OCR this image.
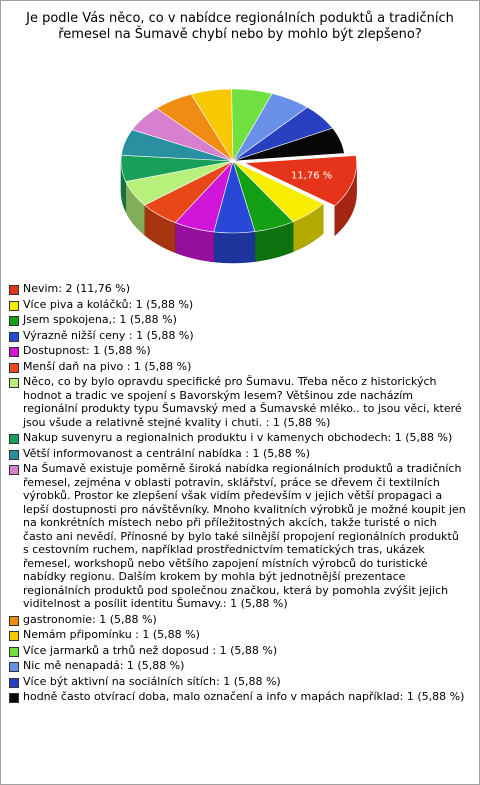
Je podle Vás něco, co v nabídce regionálních poduktů a tradičních řemesel na Šumavě chybí nebo by mohlo být zlepšeno?
11,76 %
Nevim: 2 (11,76 %)
Více piva a koláčků: 1 (5,88 %)
Jsem spokojena,: 1 (5,88 %)
Výrazně nižší ceny : 1 (5,88 %)
Dostupnost: 1 (5,88 %)
Menší daň na pivo : 1 (5,88 %)
Něco, co by bylo opravdu specifické pro Šumavu. Třeba něco z historických hodnot a tradic ve spojení s Bavorským lesem? Většinou zde nacházím regionální produkty typu Šumavský med a Šumavské mléko.. to jsou věci, které jsou všude a relativně stejné kvality i chuti. : 1 (5,88 %)
Nakup suvenyru a regionalnich produktu i v kamenych obchodech: 1 (5,88 %)
Větší informovanost a centrální nabídka : 1 (5,88 %)
Na Šumavě existuje poměrně široká nabídka regionálních produktů a tradičních řemesel, zejména v oblasti potravin, sklářství, práce se dřevem či textilních výrobků. Prostor ke zlepšení však vidím především v jejich větší propagaci a lepší dostupnosti pro návštěvníky. Mnoho kvalitních výrobků je možné koupit jen na konkrétních místech nebo při příležitostných akcích, takže turisté o nich často ani nevědí. Přínosné by bylo také silnější propojení regionálních produktů s cestovním ruchem, například prostřednictvím tematických tras, ukázek řemesel, workshopů nebo většího zapojení místních výrobců do turistické nabídky regionu. Dalším krokem by mohla být jednotnější prezentace regionálních produktů pod společnou značkou, která by pomohla zvýšit jejich viditelnost a posílit identitu Šumavy.: 1 (5,88 %)
gastronomie: 1 (5,88 %)
Nemám připomínku : 1 (5,88 %)
Více jarmarků a trhů než doposud : 1 (5,88 %)
Nic mě nenapadá: 1 (5,88 %)
Více být aktivní na sociálních sítích: 1 (5,88 %)
hodně často otvírací doba, malo označení a info v mapách například: 1 (5,88 %)
